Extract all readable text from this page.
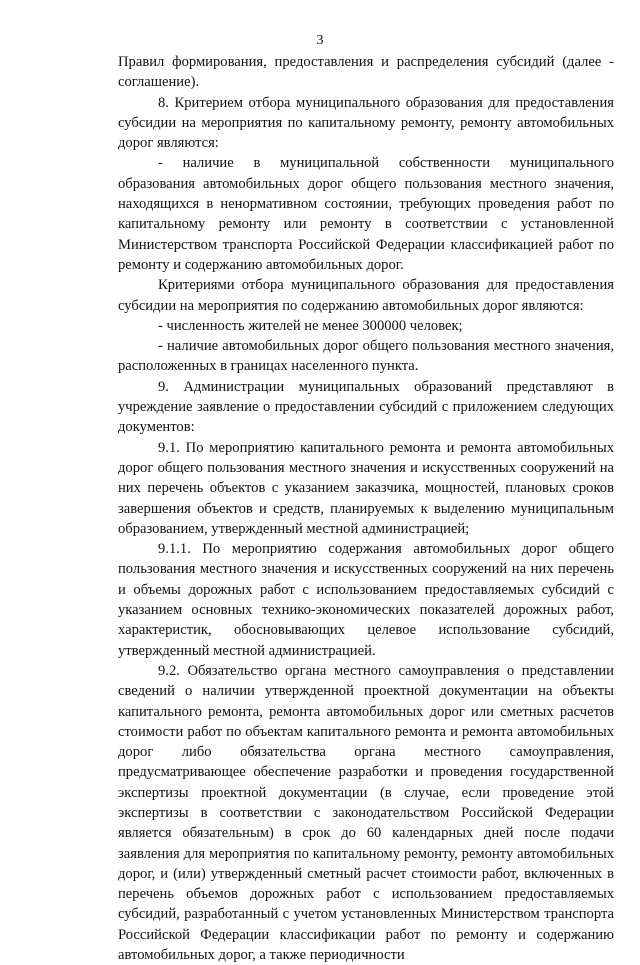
3

Правил формирования, предоставления и распределения субсидий (далее - соглашение).

8. Критерием отбора муниципального образования для предоставления субсидии на мероприятия по капитальному ремонту, ремонту автомобильных дорог являются:

- наличие в муниципальной собственности муниципального образования автомобильных дорог общего пользования местного значения, находящихся в ненормативном состоянии, требующих проведения работ по капитальному ремонту или ремонту в соответствии с установленной Министерством транспорта Российской Федерации классификацией работ по ремонту и содержанию автомобильных дорог.

Критериями отбора муниципального образования для предоставления субсидии на мероприятия по содержанию автомобильных дорог являются:

- численность жителей не менее 300000 человек;

- наличие автомобильных дорог общего пользования местного значения, расположенных в границах населенного пункта.

9. Администрации муниципальных образований представляют в учреждение заявление о предоставлении субсидий с приложением следующих документов:

9.1. По мероприятию капитального ремонта и ремонта автомобильных дорог общего пользования местного значения и искусственных сооружений на них перечень объектов с указанием заказчика, мощностей, плановых сроков завершения объектов и средств, планируемых к выделению муниципальным образованием, утвержденный местной администрацией;

9.1.1. По мероприятию содержания автомобильных дорог общего пользования местного значения и искусственных сооружений на них перечень и объемы дорожных работ с использованием предоставляемых субсидий с указанием основных технико-экономических показателей дорожных работ, характеристик, обосновывающих целевое использование субсидий, утвержденный местной администрацией.

9.2. Обязательство органа местного самоуправления о представлении сведений о наличии утвержденной проектной документации на объекты капитального ремонта, ремонта автомобильных дорог или сметных расчетов стоимости работ по объектам капитального ремонта и ремонта автомобильных дорог либо обязательства органа местного самоуправления, предусматривающее обеспечение разработки и проведения государственной экспертизы проектной документации (в случае, если проведение этой экспертизы в соответствии с законодательством Российской Федерации является обязательным) в срок до 60 календарных дней после подачи заявления для мероприятия по капитальному ремонту, ремонту автомобильных дорог, и (или) утвержденный сметный расчет стоимости работ, включенных в перечень объемов дорожных работ с использованием предоставляемых субсидий, разработанный с учетом установленных Министерством транспорта Российской Федерации классификации работ по ремонту и содержанию автомобильных дорог, а также периодичности
